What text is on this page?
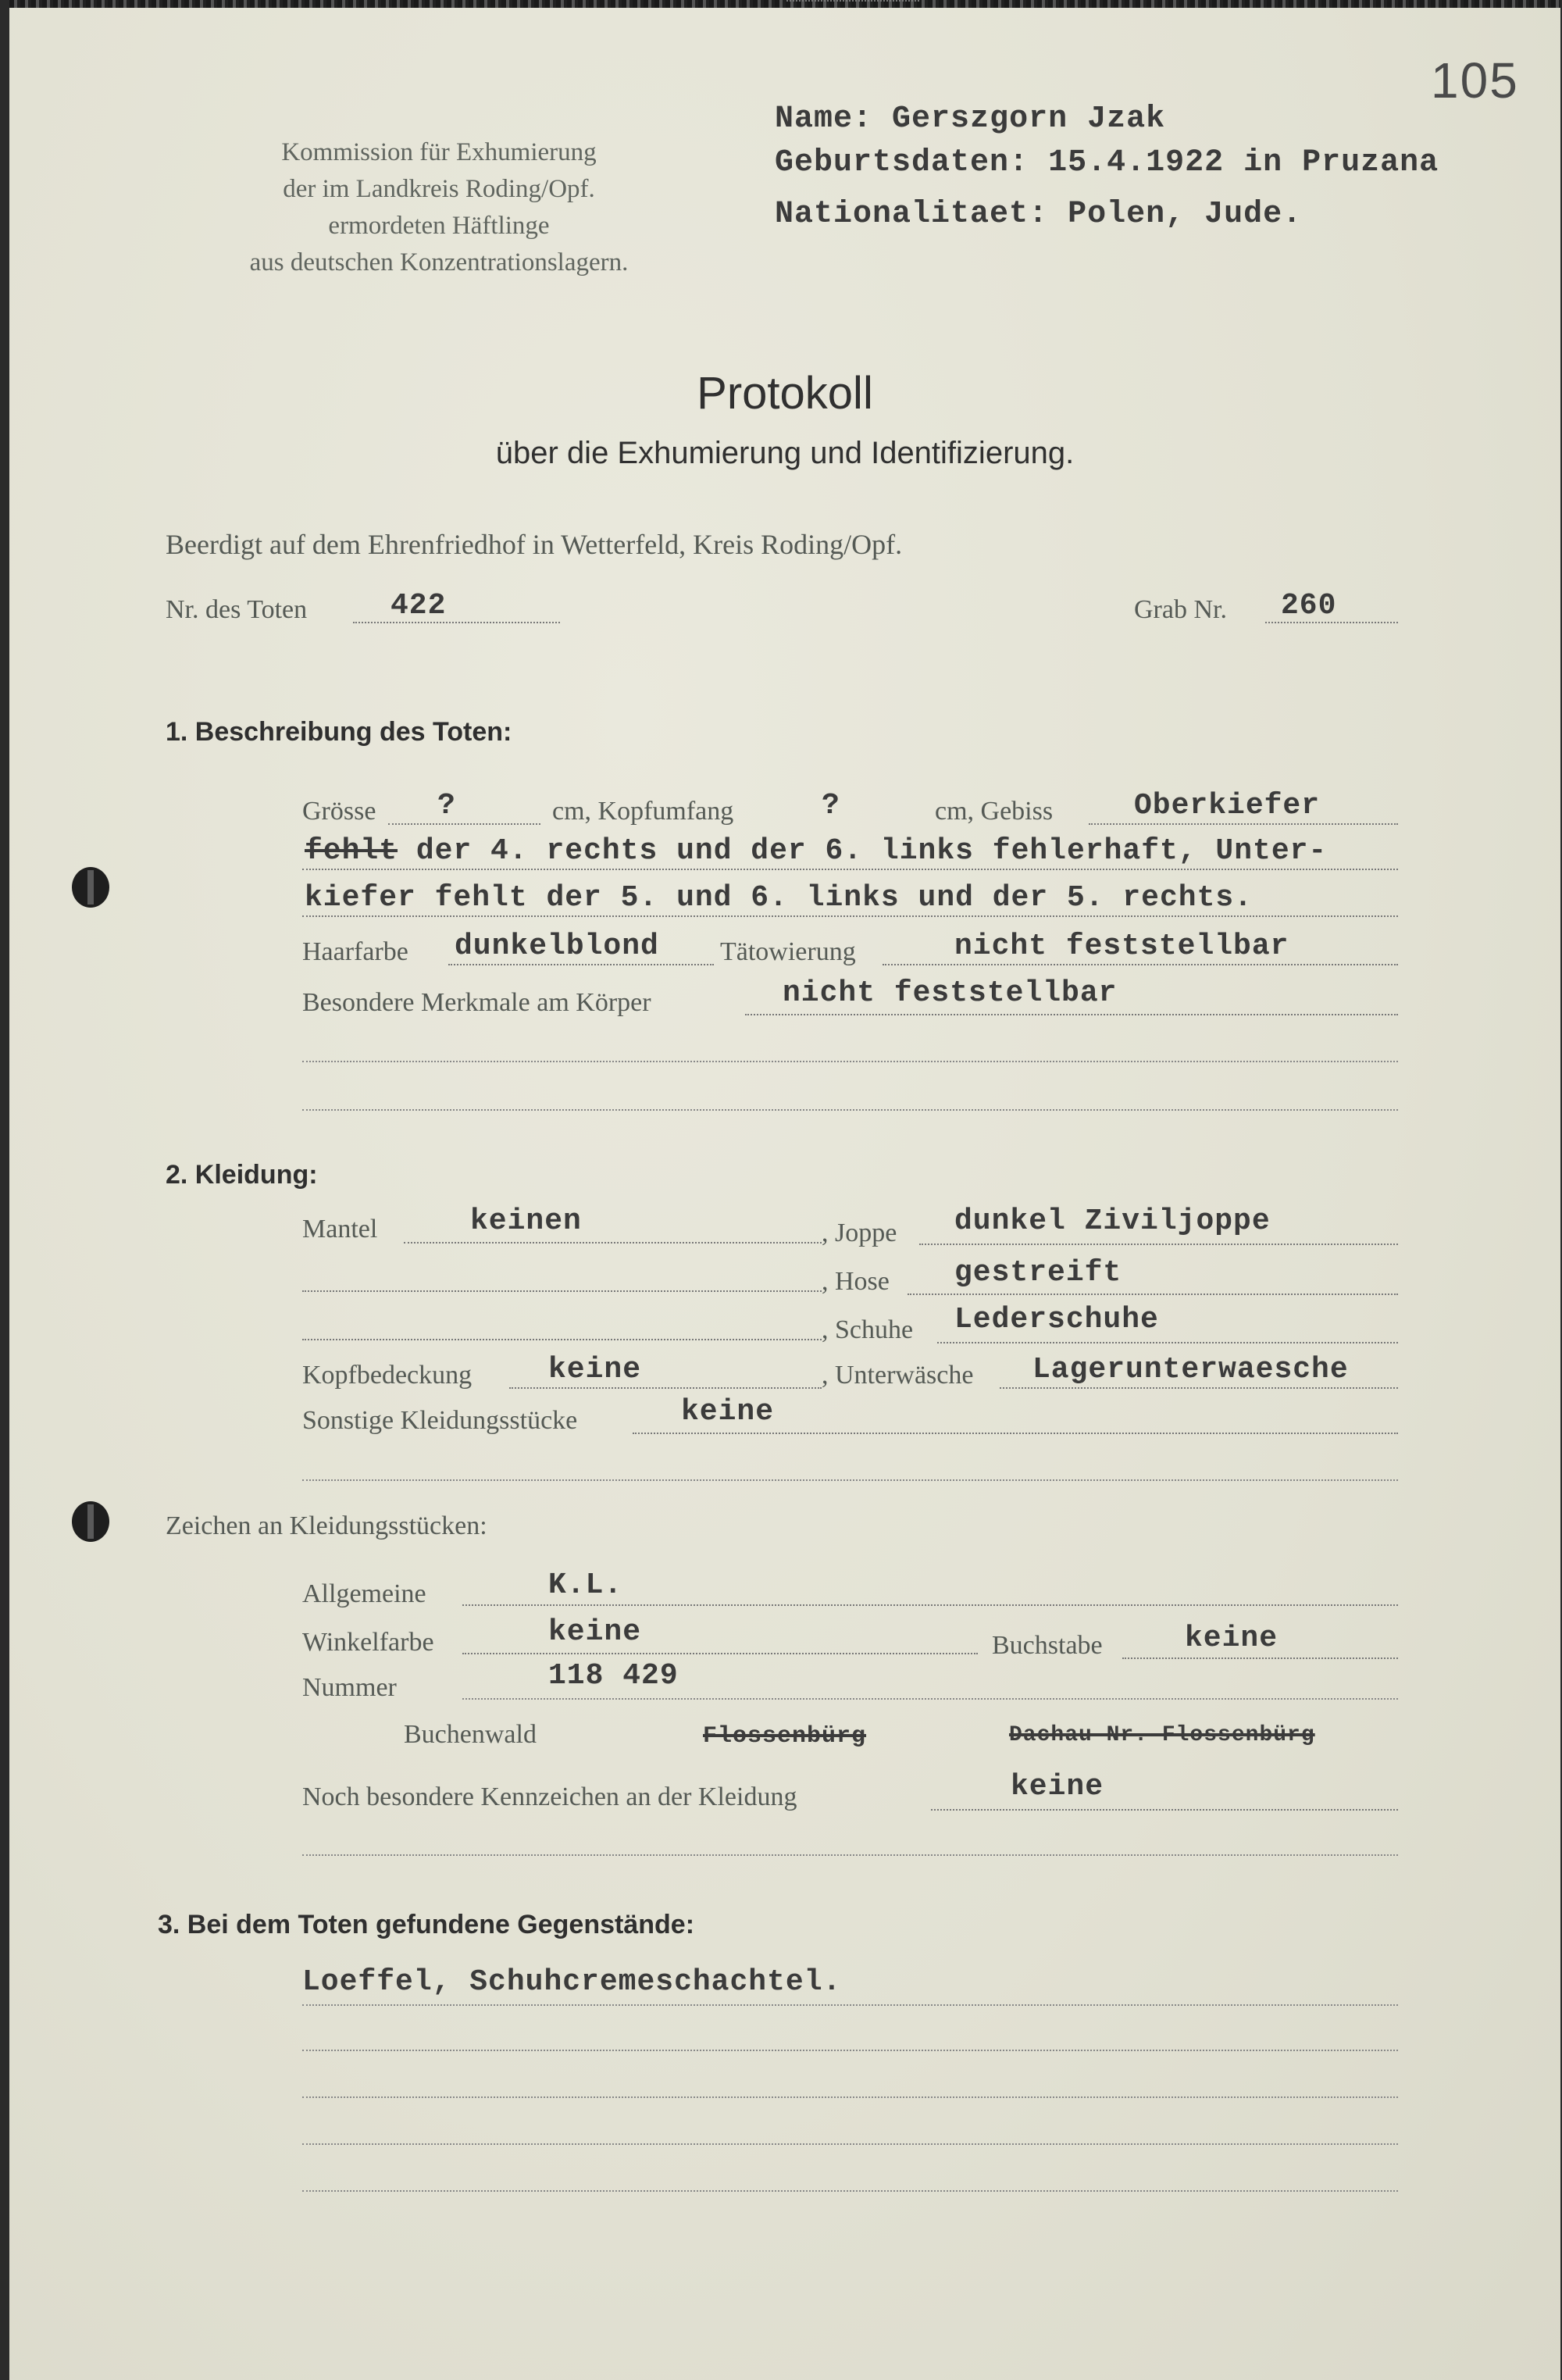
105
Kommission für Exhumierung
der im Landkreis Roding/Opf.
ermordeten Häftlinge
aus deutschen Konzentrationslagern.
Name: Gerszgorn Jzak
Geburtsdaten: 15.4.1922 in Pruzana
Nationalitaet: Polen, Jude.
Protokoll
über die Exhumierung und Identifizierung.
Beerdigt auf dem Ehrenfriedhof in Wetterfeld, Kreis Roding/Opf.
Nr. des Toten	422	Grab Nr. 260
1. Beschreibung des Toten:
Grösse ?	cm, Kopfumfang	?	cm, Gebiss	Oberkiefer
fehlt der 4. rechts und der 6. links fehlerhaft, Unter-
kiefer fehlt der 5. und 6. links und der 5. rechts.
Haarfarbe dunkelblond Tätowierung	nicht feststellbar
Besondere Merkmale am Körper	nicht feststellbar
2. Kleidung:
Mantel	keinen	, Joppe dunkel Ziviljoppe
, Hose gestreift
, Schuhe Lederschuhe
Kopfbedeckung	keine	, Unterwäsche Lagerunterwaesche
Sonstige Kleidungsstücke	keine
Zeichen an Kleidungsstücken:
Allgemeine	K.L.
Winkelfarbe	keine	Buchstabe	keine
Nummer	118 429
Buchenwald	Flossenbürg	Dachau Nr. Flossenbürg
Noch besondere Kennzeichen an der Kleidung	keine
3. Bei dem Toten gefundene Gegenstände:
Loeffel, Schuhcremeschachtel.
